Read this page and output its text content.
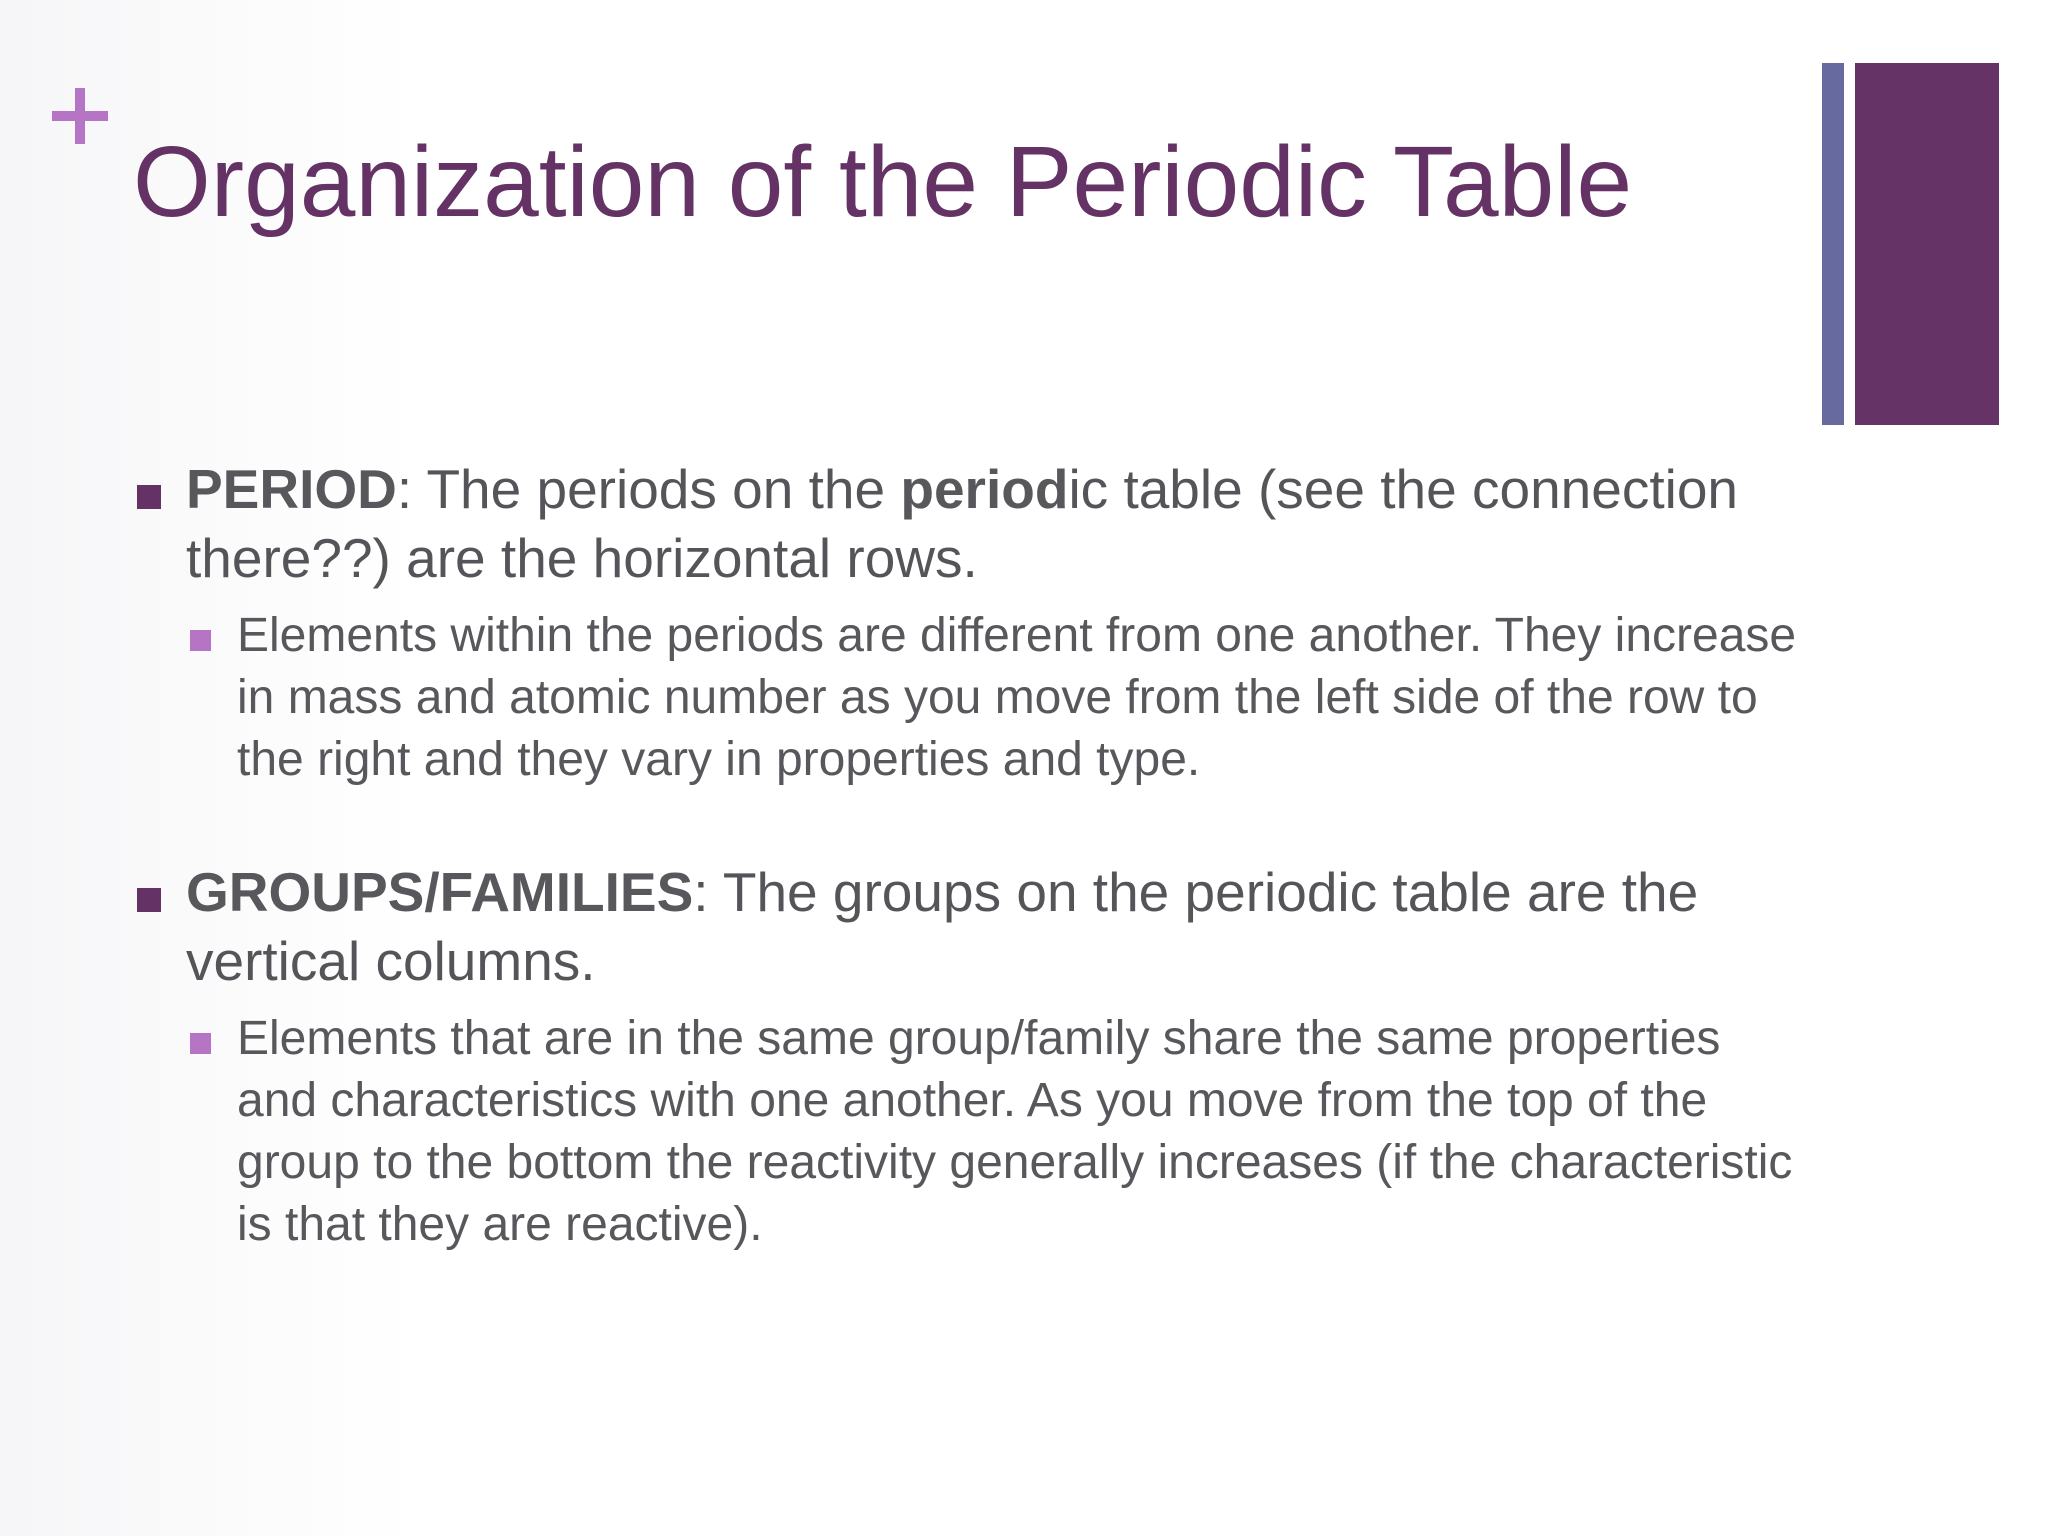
Organization of the Periodic Table
PERIOD: The periods on the periodic table (see the connection there??) are the horizontal rows.
Elements within the periods are different from one another. They increase in mass and atomic number as you move from the left side of the row to the right and they vary in properties and type.
GROUPS/FAMILIES: The groups on the periodic table are the vertical columns.
Elements that are in the same group/family share the same properties and characteristics with one another. As you move from the top of the group to the bottom the reactivity generally increases (if the characteristic is that they are reactive).
